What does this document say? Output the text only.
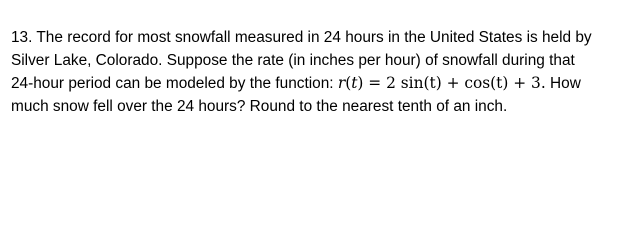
13. The record for most snowfall measured in 24 hours in the United States is held by
Silver Lake, Colorado. Suppose the rate (in inches per hour) of snowfall during that
24-hour period can be modeled by the function: r(t) = 2 sin(t) + cos(t) + 3. How
much snow fell over the 24 hours? Round to the nearest tenth of an inch.
